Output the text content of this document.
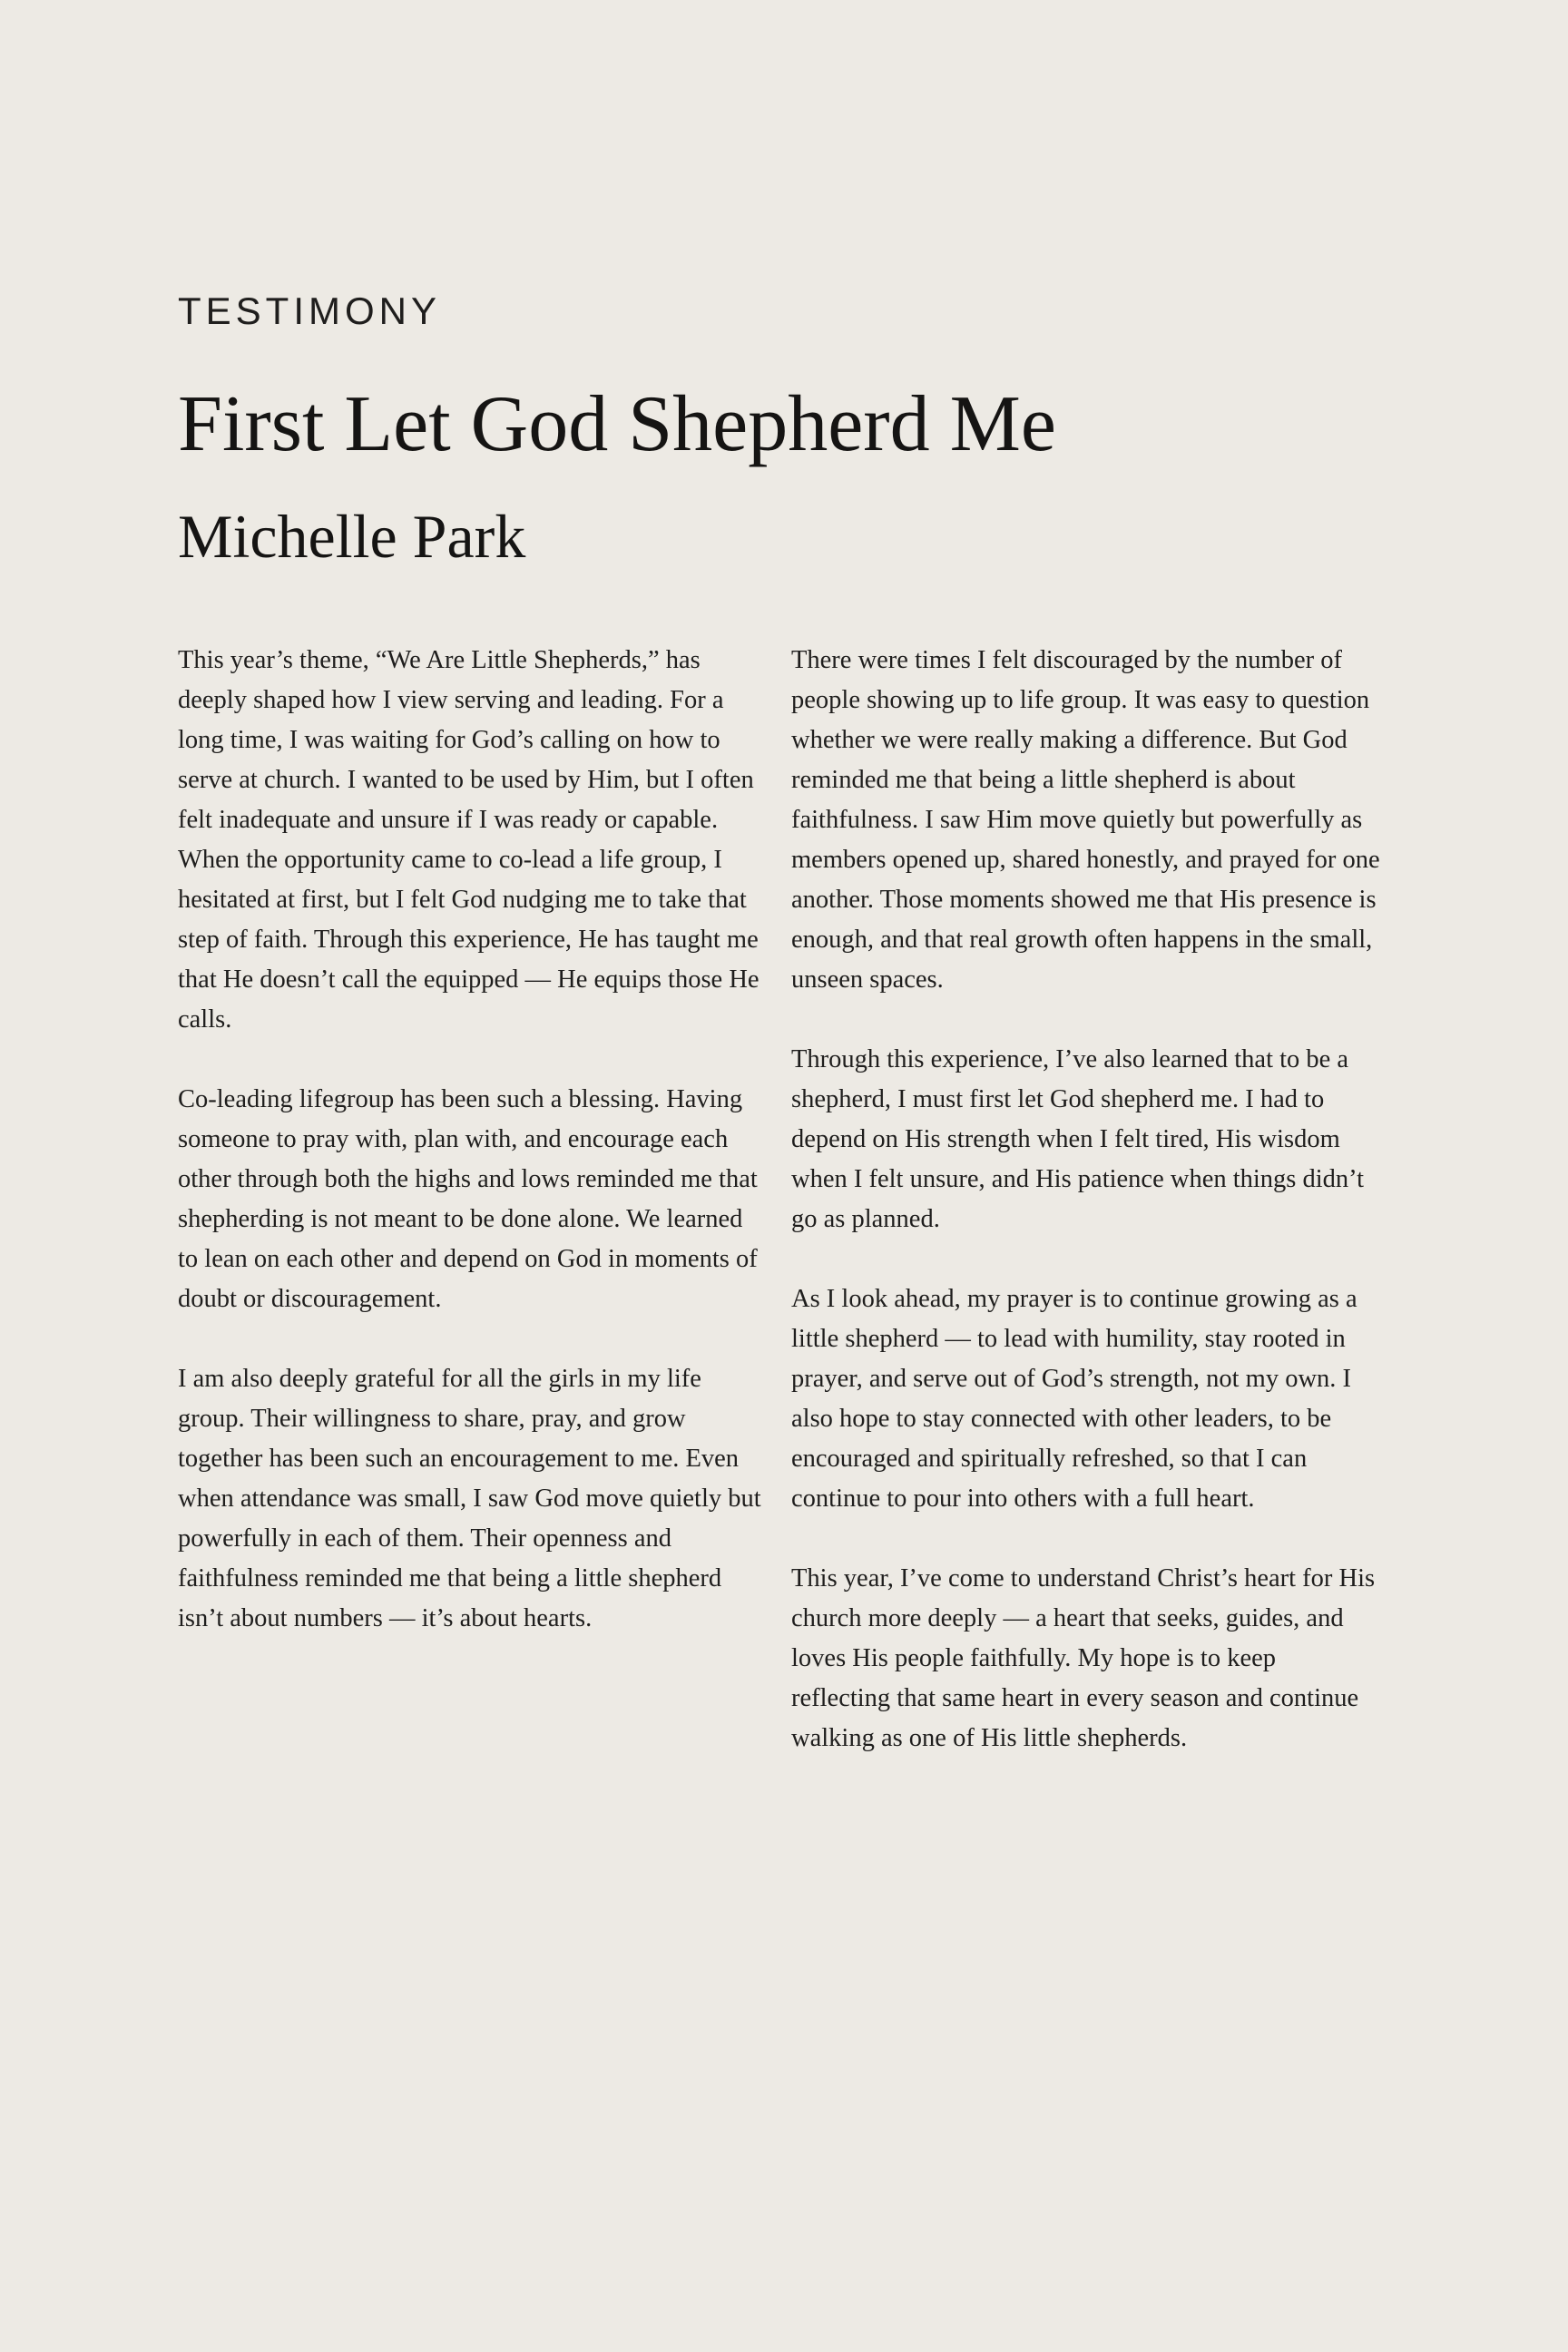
TESTIMONY
First Let God Shepherd Me
Michelle Park

This year’s theme, “We Are Little Shepherds,” has deeply shaped how I view serving and leading. For a long time, I was waiting for God’s calling on how to serve at church. I wanted to be used by Him, but I often felt inadequate and unsure if I was ready or capable. When the opportunity came to co-lead a life group, I hesitated at first, but I felt God nudging me to take that step of faith. Through this experience, He has taught me that He doesn’t call the equipped — He equips those He calls.

Co-leading lifegroup has been such a blessing. Having someone to pray with, plan with, and encourage each other through both the highs and lows reminded me that shepherding is not meant to be done alone. We learned to lean on each other and depend on God in moments of doubt or discouragement.

I am also deeply grateful for all the girls in my life group. Their willingness to share, pray, and grow together has been such an encouragement to me. Even when attendance was small, I saw God move quietly but powerfully in each of them. Their openness and faithfulness reminded me that being a little shepherd isn’t about numbers — it’s about hearts.

There were times I felt discouraged by the number of people showing up to life group. It was easy to question whether we were really making a difference. But God reminded me that being a little shepherd is about faithfulness. I saw Him move quietly but powerfully as members opened up, shared honestly, and prayed for one another. Those moments showed me that His presence is enough, and that real growth often happens in the small, unseen spaces.

Through this experience, I’ve also learned that to be a shepherd, I must first let God shepherd me. I had to depend on His strength when I felt tired, His wisdom when I felt unsure, and His patience when things didn’t go as planned.

As I look ahead, my prayer is to continue growing as a little shepherd — to lead with humility, stay rooted in prayer, and serve out of God’s strength, not my own. I also hope to stay connected with other leaders, to be encouraged and spiritually refreshed, so that I can continue to pour into others with a full heart.

This year, I’ve come to understand Christ’s heart for His church more deeply — a heart that seeks, guides, and loves His people faithfully. My hope is to keep reflecting that same heart in every season and continue walking as one of His little shepherds.
